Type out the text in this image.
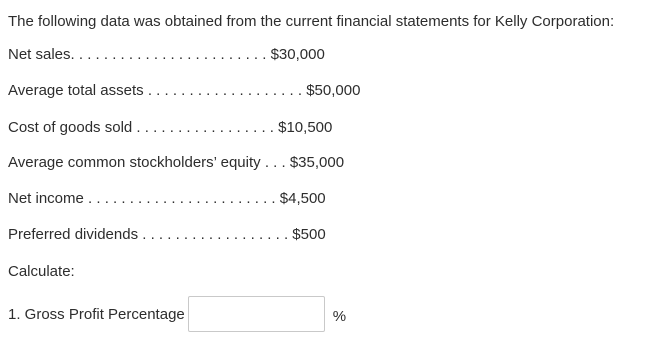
The following data was obtained from the current financial statements for Kelly Corporation:
Net sales. . . . . . . . . . . . . . . . . . . . . . . . $30,000
Average total assets . . . . . . . . . . . . . . . . . . . $50,000
Cost of goods sold . . . . . . . . . . . . . . . . . $10,500
Average common stockholders’ equity . . . $35,000
Net income . . . . . . . . . . . . . . . . . . . . . . . $4,500
Preferred dividends . . . . . . . . . . . . . . . . . . $500
Calculate:
1. Gross Profit Percentage	%
